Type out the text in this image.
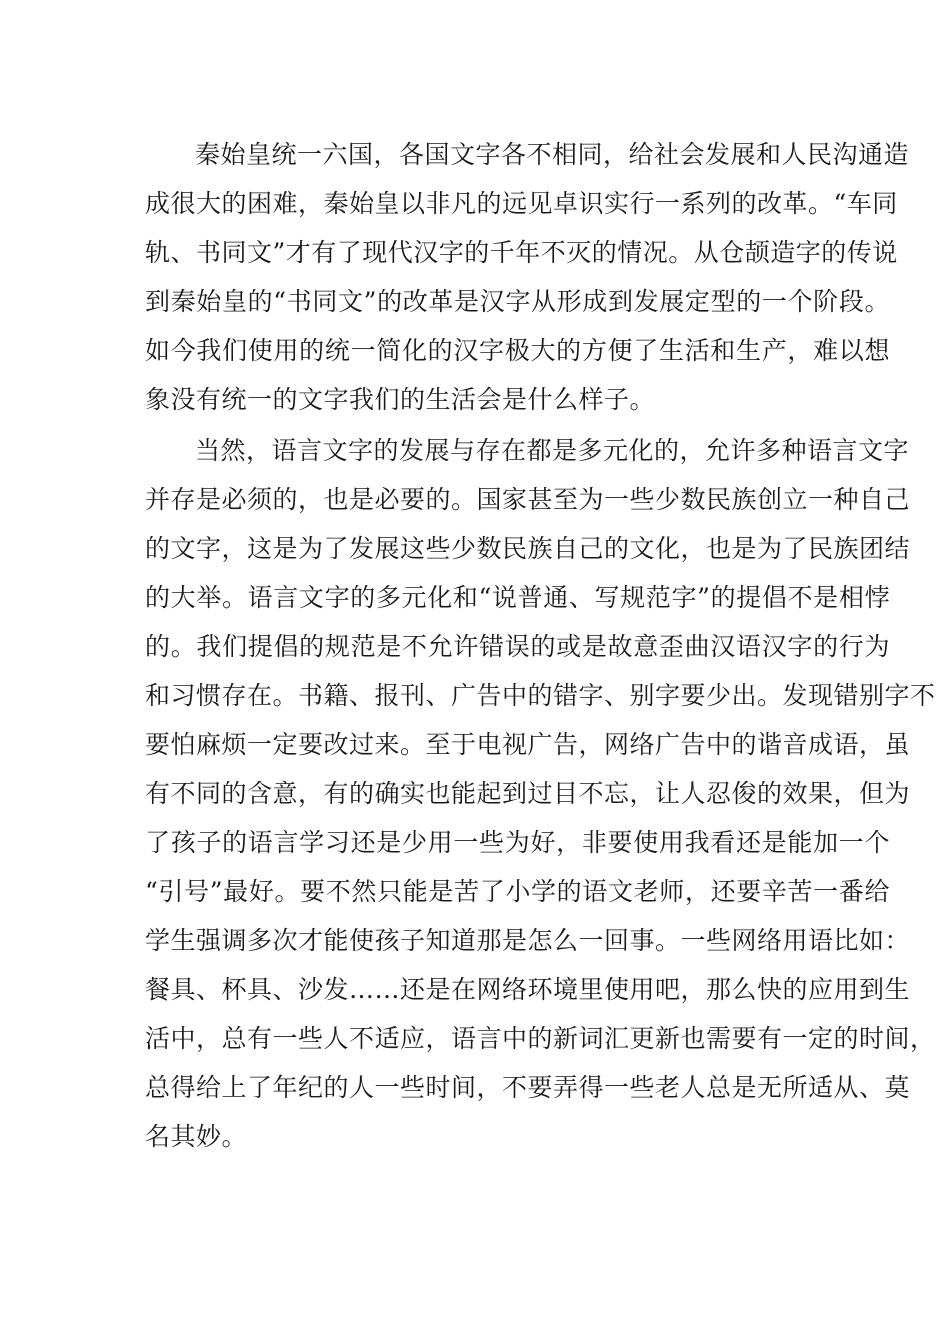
秦始皇统一六国，各国文字各不相同，给社会发展和人民沟通造
成很大的困难，秦始皇以非凡的远见卓识实行一系列的改革。“车同
轨、书同文”才有了现代汉字的千年不灭的情况。从仓颉造字的传说
到秦始皇的“书同文”的改革是汉字从形成到发展定型的一个阶段。
如今我们使用的统一简化的汉字极大的方便了生活和生产，难以想
象没有统一的文字我们的生活会是什么样子。
当然，语言文字的发展与存在都是多元化的，允许多种语言文字
并存是必须的，也是必要的。国家甚至为一些少数民族创立一种自己
的文字，这是为了发展这些少数民族自己的文化，也是为了民族团结
的大举。语言文字的多元化和“说普通、写规范字”的提倡不是相悖
的。我们提倡的规范是不允许错误的或是故意歪曲汉语汉字的行为
和习惯存在。书籍、报刊、广告中的错字、别字要少出。发现错别字不
要怕麻烦一定要改过来。至于电视广告，网络广告中的谐音成语，虽
有不同的含意，有的确实也能起到过目不忘，让人忍俊的效果，但为
了孩子的语言学习还是少用一些为好，非要使用我看还是能加一个
“引号”最好。要不然只能是苦了小学的语文老师，还要辛苦一番给
学生强调多次才能使孩子知道那是怎么一回事。一些网络用语比如：
餐具、杯具、沙发……还是在网络环境里使用吧，那么快的应用到生
活中，总有一些人不适应，语言中的新词汇更新也需要有一定的时间，
总得给上了年纪的人一些时间，不要弄得一些老人总是无所适从、莫
名其妙。
